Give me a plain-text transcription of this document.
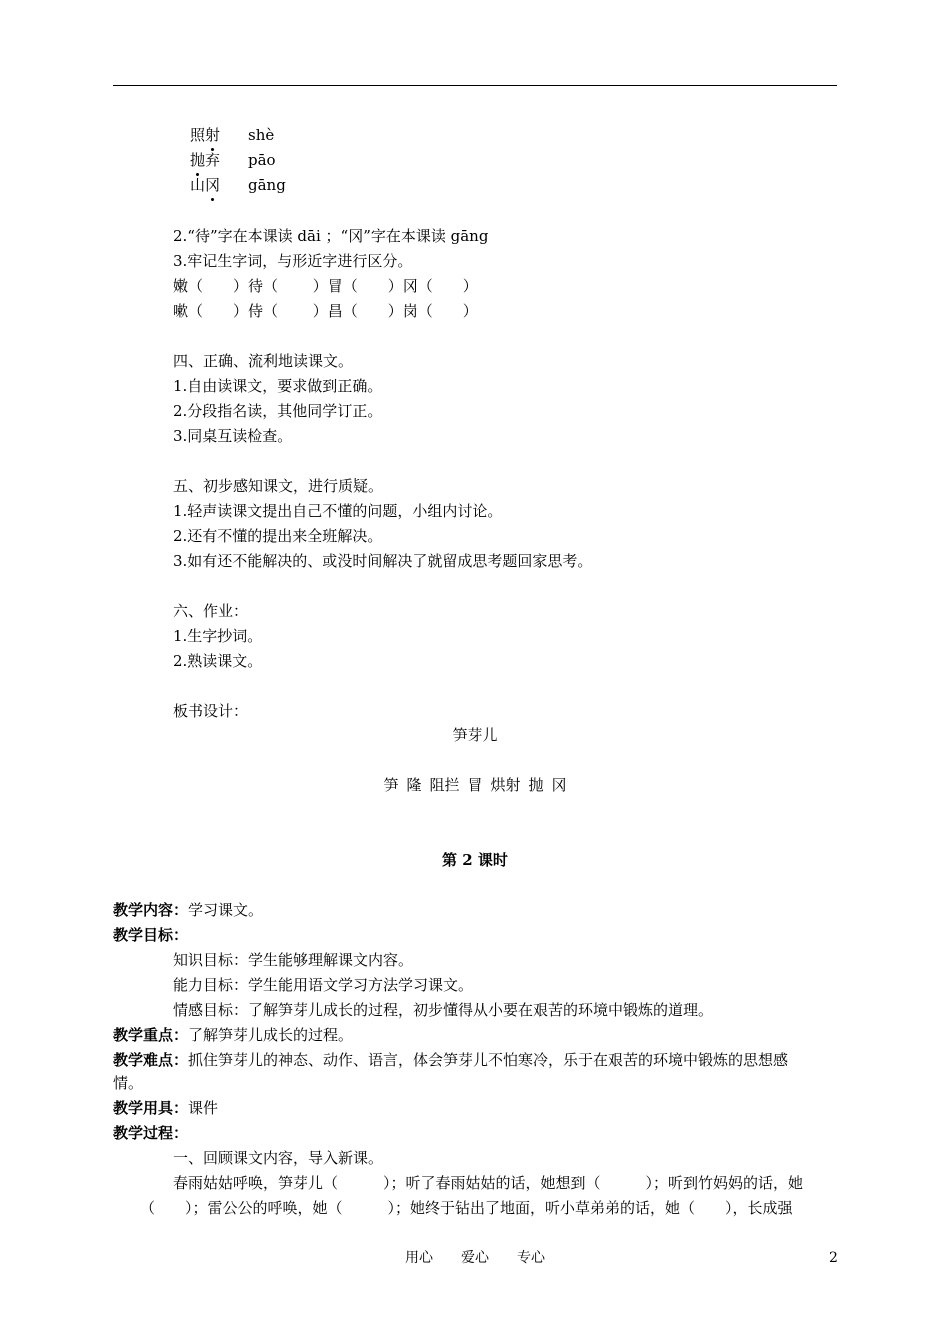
照射 shè
抛弃 pāo
山冈 gāng
2.“待”字在本课读 dāi ；“冈”字在本课读 gāng
3.牢记生字词，与形近字进行区分。
嫩（　　）待（　　 ）冒（　　）冈（　　）
嗽（　　）侍（　　 ）昌（　　）岗（　　）
四、正确、流利地读课文。
1.自由读课文，要求做到正确。
2.分段指名读，其他同学订正。
3.同桌互读检查。
五、初步感知课文，进行质疑。
1.轻声读课文提出自己不懂的问题，小组内讨论。
2.还有不懂的提出来全班解决。
3.如有还不能解决的、或没时间解决了就留成思考题回家思考。
六、作业：
1.生字抄词。
2.熟读课文。
板书设计：
笋芽儿
笋 隆 阻拦 冒 烘射 抛 冈
第 2 课时
教学内容：学习课文。
教学目标：
知识目标：学生能够理解课文内容。
能力目标：学生能用语文学习方法学习课文。
情感目标：了解笋芽儿成长的过程，初步懂得从小要在艰苦的环境中锻炼的道理。
教学重点：了解笋芽儿成长的过程。
教学难点：抓住笋芽儿的神态、动作、语言，体会笋芽儿不怕寒冷，乐于在艰苦的环境中锻炼的思想感
情。
教学用具：课件
教学过程：
一、回顾课文内容，导入新课。
春雨姑姑呼唤，笋芽儿（　　　）；听了春雨姑姑的话，她想到（　　　）；听到竹妈妈的话，她
（　　）；雷公公的呼唤，她（　　　）；她终于钻出了地面，听小草弟弟的话，她（　　），长成强
用心 爱心 专心	2
